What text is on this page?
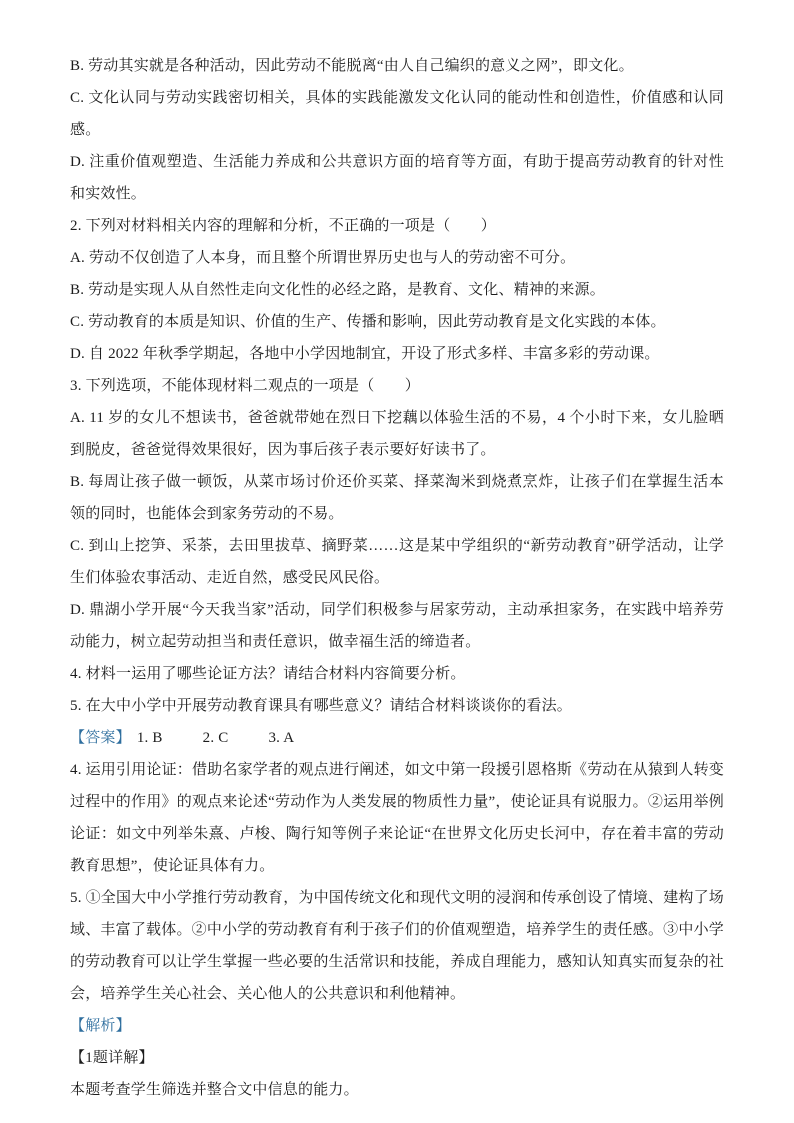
B. 劳动其实就是各种活动，因此劳动不能脱离“由人自己编织的意义之网”，即文化。

C. 文化认同与劳动实践密切相关，具体的实践能激发文化认同的能动性和创造性，价值感和认同感。

D. 注重价值观塑造、生活能力养成和公共意识方面的培育等方面，有助于提高劳动教育的针对性和实效性。

2. 下列对材料相关内容的理解和分析，不正确的一项是（　　）

A. 劳动不仅创造了人本身，而且整个所谓世界历史也与人的劳动密不可分。

B. 劳动是实现人从自然性走向文化性的必经之路，是教育、文化、精神的来源。

C. 劳动教育的本质是知识、价值的生产、传播和影响，因此劳动教育是文化实践的本体。

D. 自 2022 年秋季学期起，各地中小学因地制宜，开设了形式多样、丰富多彩的劳动课。

3. 下列选项，不能体现材料二观点的一项是（　　）

A. 11 岁的女儿不想读书，爸爸就带她在烈日下挖藕以体验生活的不易，4 个小时下来，女儿脸晒到脱皮，爸爸觉得效果很好，因为事后孩子表示要好好读书了。

B. 每周让孩子做一顿饭，从菜市场讨价还价买菜、择菜淘米到烧煮烹炸，让孩子们在掌握生活本领的同时，也能体会到家务劳动的不易。

C. 到山上挖笋、采茶，去田里拔草、摘野菜……这是某中学组织的“新劳动教育”研学活动，让学生们体验农事活动、走近自然，感受民风民俗。

D. 鼎湖小学开展“今天我当家”活动，同学们积极参与居家劳动，主动承担家务，在实践中培养劳动能力，树立起劳动担当和责任意识，做幸福生活的缔造者。

4. 材料一运用了哪些论证方法？请结合材料内容简要分析。

5. 在大中小学中开展劳动教育课具有哪些意义？请结合材料谈谈你的看法。

【答案】 1. B	2. C	3. A

4. 运用引用论证：借助名家学者的观点进行阐述，如文中第一段援引恩格斯《劳动在从猿到人转变过程中的作用》的观点来论述“劳动作为人类发展的物质性力量”，使论证具有说服力。②运用举例论证：如文中列举朱熹、卢梭、陶行知等例子来论证“在世界文化历史长河中，存在着丰富的劳动教育思想”，使论证具体有力。

5. ①全国大中小学推行劳动教育，为中国传统文化和现代文明的浸润和传承创设了情境、建构了场域、丰富了载体。②中小学的劳动教育有利于孩子们的价值观塑造，培养学生的责任感。③中小学的劳动教育可以让学生掌握一些必要的生活常识和技能，养成自理能力，感知认知真实而复杂的社会，培养学生关心社会、关心他人的公共意识和利他精神。

【解析】

【1题详解】

本题考查学生筛选并整合文中信息的能力。
